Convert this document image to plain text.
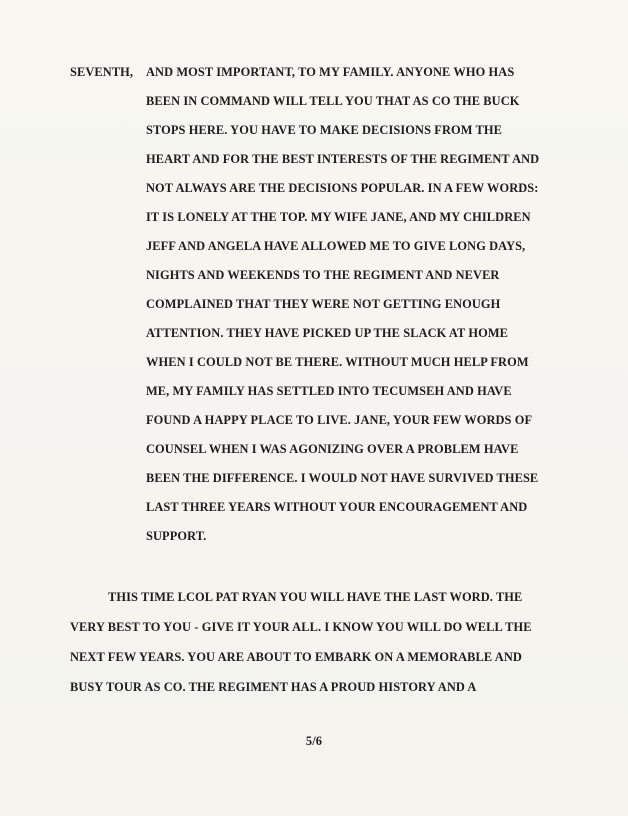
SEVENTH, AND MOST IMPORTANT, TO MY FAMILY. ANYONE WHO HAS
BEEN IN COMMAND WILL TELL YOU THAT AS CO THE BUCK
STOPS HERE. YOU HAVE TO MAKE DECISIONS FROM THE
HEART AND FOR THE BEST INTERESTS OF THE REGIMENT AND
NOT ALWAYS ARE THE DECISIONS POPULAR. IN A FEW WORDS:
IT IS LONELY AT THE TOP. MY WIFE JANE, AND MY CHILDREN
JEFF AND ANGELA HAVE ALLOWED ME TO GIVE LONG DAYS,
NIGHTS AND WEEKENDS TO THE REGIMENT AND NEVER
COMPLAINED THAT THEY WERE NOT GETTING ENOUGH
ATTENTION. THEY HAVE PICKED UP THE SLACK AT HOME
WHEN I COULD NOT BE THERE. WITHOUT MUCH HELP FROM
ME, MY FAMILY HAS SETTLED INTO TECUMSEH AND HAVE
FOUND A HAPPY PLACE TO LIVE. JANE, YOUR FEW WORDS OF
COUNSEL WHEN I WAS AGONIZING OVER A PROBLEM HAVE
BEEN THE DIFFERENCE. I WOULD NOT HAVE SURVIVED THESE
LAST THREE YEARS WITHOUT YOUR ENCOURAGEMENT AND
SUPPORT.
THIS TIME LCOL PAT RYAN YOU WILL HAVE THE LAST WORD. THE
VERY BEST TO YOU - GIVE IT YOUR ALL. I KNOW YOU WILL DO WELL THE
NEXT FEW YEARS. YOU ARE ABOUT TO EMBARK ON A MEMORABLE AND
BUSY TOUR AS CO. THE REGIMENT HAS A PROUD HISTORY AND A
5/6
